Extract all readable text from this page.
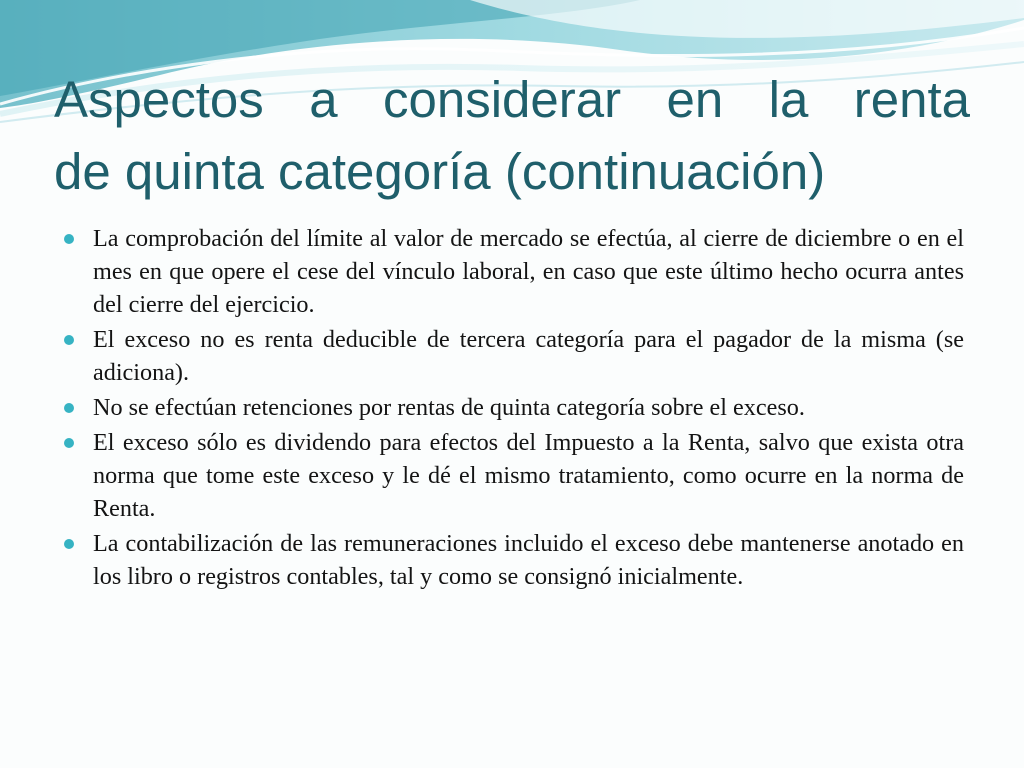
Aspectos a considerar en la renta
de quinta categoría (continuación)
La comprobación del límite al valor de mercado se efectúa, al cierre de diciembre o en el mes en que opere el cese del vínculo laboral, en caso que este último hecho ocurra antes del cierre del ejercicio.
El exceso no es renta deducible de tercera categoría para el pagador de la misma (se adiciona).
No se efectúan retenciones por rentas de quinta categoría sobre el exceso.
El exceso sólo es dividendo para efectos del Impuesto a la Renta, salvo que exista otra norma que tome este exceso y le dé el mismo tratamiento, como ocurre en la norma de Renta.
La contabilización de las remuneraciones incluido el exceso debe mantenerse anotado en los libro o registros contables, tal y como se consignó inicialmente.
